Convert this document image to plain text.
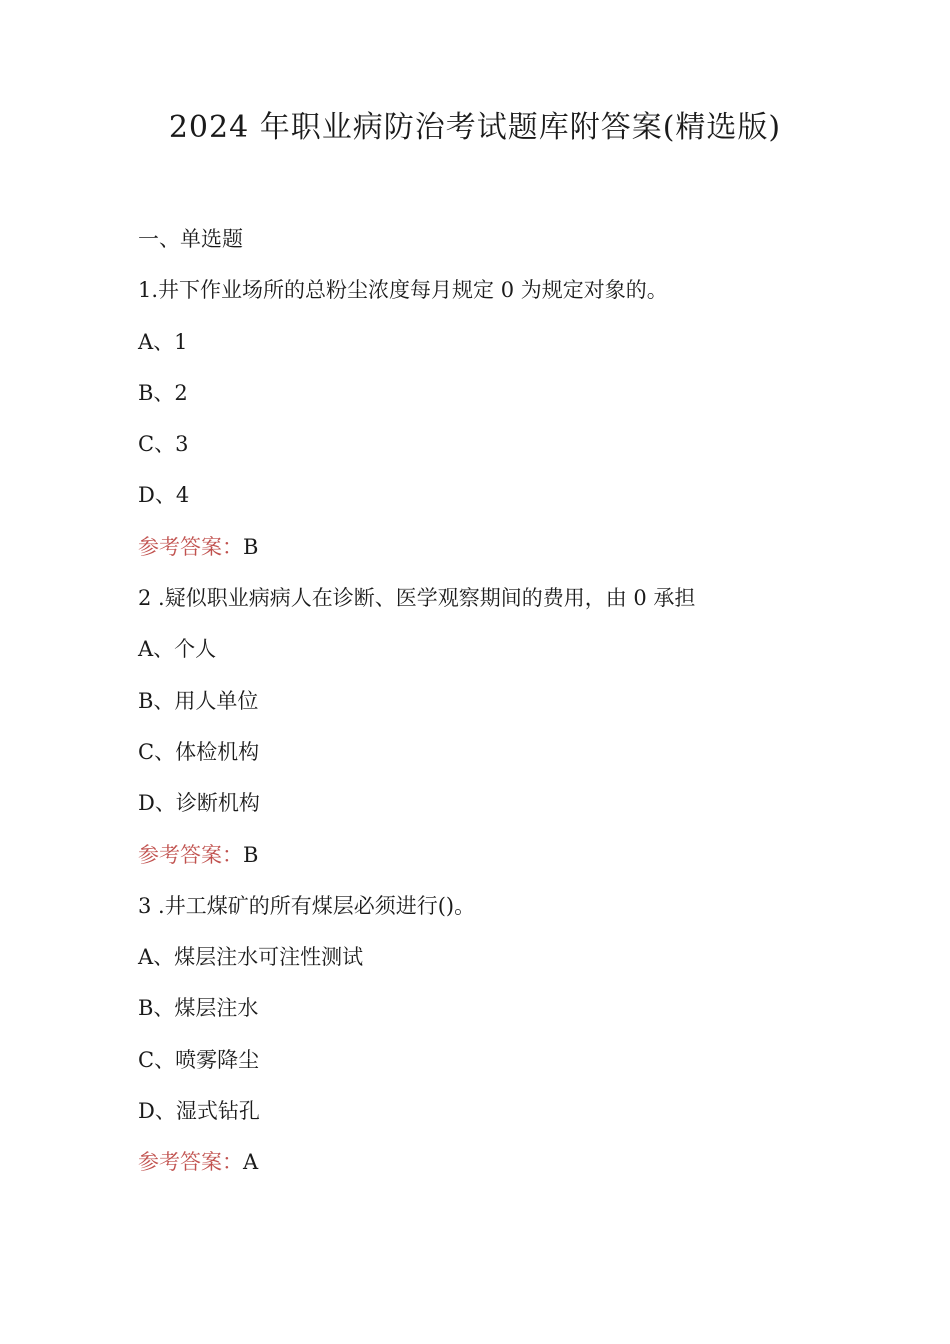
2024 年职业病防治考试题库附答案(精选版)
一、单选题
1.井下作业场所的总粉尘浓度每月规定 0 为规定对象的。
A、1
B、2
C、3
D、4
参考答案：B
2 .疑似职业病病人在诊断、医学观察期间的费用，由 0 承担
A、个人
B、用人单位
C、体检机构
D、诊断机构
参考答案：B
3 .井工煤矿的所有煤层必须进行()。
A、煤层注水可注性测试
B、煤层注水
C、喷雾降尘
D、湿式钻孔
参考答案：A
